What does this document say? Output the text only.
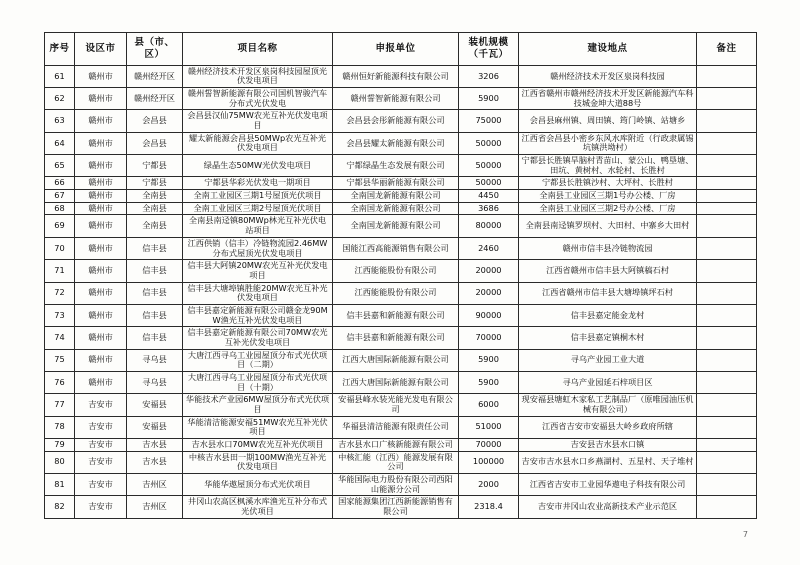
序号	设区市	县（市、区）	项目名称	申报单位	装机规模（千瓦）	建设地点	备注
61	赣州市	赣州经开区	赣州经济技术开发区泉岗科技园屋顶光伏发电项目	赣州恒好新能源科技有限公司	3206	赣州经济技术开发区泉岗科技园	
62	赣州市	赣州经开区	赣州誓智新能源有限公司国机智骏汽车分布式光伏发电	赣州誓智新能源有限公司	5900	江西省赣州市赣州经济技术开发区新能源汽车科技城金坤大道88号	
63	赣州市	会昌县	会昌县汉仙75MW农光互补光伏发电项目	会昌县会彤新能源有限公司	75000	会昌县麻州镇、周田镇、筠门岭镇、站塘乡	
64	赣州市	会昌县	耀太新能源会昌县50MWp农光互补光伏发电项目	会昌县耀太新能源有限公司	50000	江西省会昌县小密乡东风水库附近（行政隶属锡坑镇洪坳村）	
65	赣州市	宁都县	绿晶生态50MW光伏发电项目	宁都绿晶生态发展有限公司	50000	宁都县长胜镇旱脑村青苗山、蒙公山、鸭垦塘、田坑、黄树村、水轮村、长胜村	
66	赣州市	宁都县	宁都县华彩光伏发电一期项目	宁都县华丽新能源有限公司	50000	宁都县长胜镇沙村、大坪村、长胜村	
67	赣州市	全南县	全南工业园区三期1号屋顶光伏项目	全南国龙新能源有限公司	4450	全南县工业园区三期1号办公楼、厂房	
68	赣州市	全南县	全南工业园区三期2号屋顶光伏项目	全南国龙新能源有限公司	3686	全南县工业园区三期2号办公楼、厂房	
69	赣州市	全南县	全南县南迳镇80MWp林光互补光伏电站项目	全南国龙新能源有限公司	80000	全南县南迳镇罗坝村、大田村、中寨乡大田村	
70	赣州市	信丰县	江西供销（信丰）冷链物流园2.46MW分布式屋顶光伏发电项目	国能江西高能源销售有限公司	2460	赣州市信丰县冷链物流园	
71	赣州市	信丰县	信丰县大阿镇20MW农光互补光伏发电项目	江西能能股份有限公司	20000	江西省赣州市信丰县大阿镇稿石村	
72	赣州市	信丰县	信丰县大塘埠镇胜能20MW农光互补光伏发电项目	江西能能股份有限公司	20000	江西省赣州市信丰县大塘埠镇坪石村	
73	赣州市	信丰县	信丰县嘉定新能源有限公司赣金龙90MW渔光互补光伏发电项目	信丰县嘉和新能源有限公司	90000	信丰县嘉定能金龙村	
74	赣州市	信丰县	信丰县嘉定新能源有限公司70MW农光互补光伏发电项目	信丰县嘉和新能源有限公司	70000	信丰县嘉定镇桐木村	
75	赣州市	寻乌县	大唐江西寻乌工业园屋顶分布式光伏项目（二期）	江西大唐国际新能源有限公司	5900	寻乌产业园工业大道	
76	赣州市	寻乌县	大唐江西寻乌工业园屋顶分布式光伏项目（十期）	江西大唐国际新能源有限公司	5900	寻乌产业园延石梓项目区	
77	吉安市	安福县	华能技术产业园6MW屋顶分布式光伏项目	安福县峰水装光能光发电有限公司	6000	现安福县塘虹木家私工艺制品厂（原唯园油压机械有限公司）	
78	吉安市	安福县	华能清洁能源安福51MW农光互补光伏项目	华福县清洁能源有限责任公司	51000	江西省吉安市安福县大岭乡政府所辖	
79	吉安市	吉水县	吉水县水口70MW农光互补光伏项目	吉水县水口广核新能源有限公司	70000	吉安县吉水县水口镇	
80	吉安市	吉水县	中核吉水县田一期100MW渔光互补光伏发电项目	中核汇能（江西）能源发展有限公司	100000	吉安市吉水县水口乡燕湖村、五星村、天子堆村	
81	吉安市	吉州区	华能华遨屋顶分布式光伏项目	华能国际电力股份有限公司西阳山能源分公司	2000	江西省吉安市工业园华遨电子科技有限公司	
82	吉安市	吉州区	井冈山农高区枫溪水库渔光互补分布式光伏项目	国家能源集团江西新能源销售有限公司	2318.4	吉安市井冈山农业高新技术产业示范区	
7
